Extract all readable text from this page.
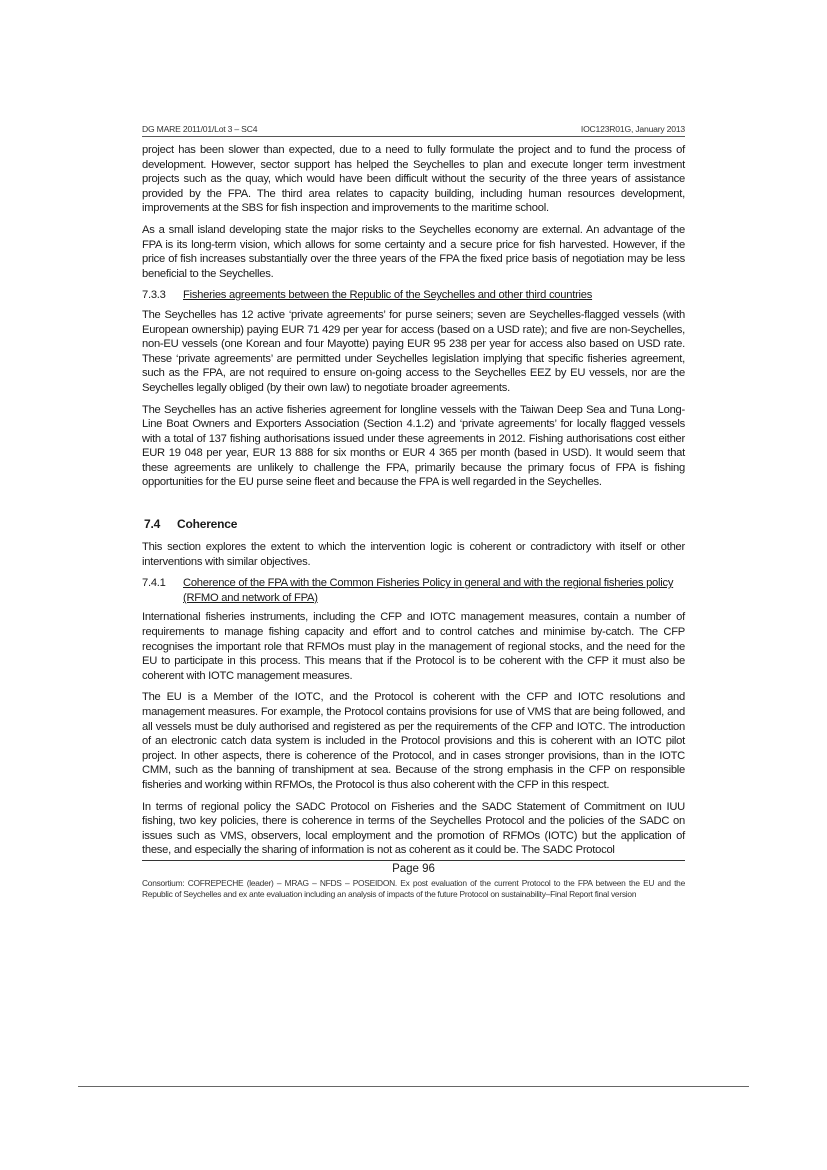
DG MARE 2011/01/Lot 3 – SC4	IOC123R01G, January 2013

project has been slower than expected, due to a need to fully formulate the project and to fund the process of development. However, sector support has helped the Seychelles to plan and execute longer term investment projects such as the quay, which would have been difficult without the security of the three years of assistance provided by the FPA. The third area relates to capacity building, including human resources development, improvements at the SBS for fish inspection and improvements to the maritime school.

As a small island developing state the major risks to the Seychelles economy are external. An advantage of the FPA is its long-term vision, which allows for some certainty and a secure price for fish harvested. However, if the price of fish increases substantially over the three years of the FPA the fixed price basis of negotiation may be less beneficial to the Seychelles.

7.3.3	Fisheries agreements between the Republic of the Seychelles and other third countries

The Seychelles has 12 active ‘private agreements’ for purse seiners; seven are Seychelles-flagged vessels (with European ownership) paying EUR 71 429 per year for access (based on a USD rate); and five are non-Seychelles, non-EU vessels (one Korean and four Mayotte) paying EUR 95 238 per year for access also based on USD rate. These ‘private agreements’ are permitted under Seychelles legislation implying that specific fisheries agreement, such as the FPA, are not required to ensure on-going access to the Seychelles EEZ by EU vessels, nor are the Seychelles legally obliged (by their own law) to negotiate broader agreements.

The Seychelles has an active fisheries agreement for longline vessels with the Taiwan Deep Sea and Tuna Long-Line Boat Owners and Exporters Association (Section 4.1.2) and ‘private agreements’ for locally flagged vessels with a total of 137 fishing authorisations issued under these agreements in 2012. Fishing authorisations cost either EUR 19 048 per year, EUR 13 888 for six months or EUR 4 365 per month (based in USD). It would seem that these agreements are unlikely to challenge the FPA, primarily because the primary focus of FPA is fishing opportunities for the EU purse seine fleet and because the FPA is well regarded in the Seychelles.

7.4	Coherence

This section explores the extent to which the intervention logic is coherent or contradictory with itself or other interventions with similar objectives.

7.4.1	Coherence of the FPA with the Common Fisheries Policy in general and with the regional fisheries policy (RFMO and network of FPA)

International fisheries instruments, including the CFP and IOTC management measures, contain a number of requirements to manage fishing capacity and effort and to control catches and minimise by-catch. The CFP recognises the important role that RFMOs must play in the management of regional stocks, and the need for the EU to participate in this process. This means that if the Protocol is to be coherent with the CFP it must also be coherent with IOTC management measures.

The EU is a Member of the IOTC, and the Protocol is coherent with the CFP and IOTC resolutions and management measures. For example, the Protocol contains provisions for use of VMS that are being followed, and all vessels must be duly authorised and registered as per the requirements of the CFP and IOTC. The introduction of an electronic catch data system is included in the Protocol provisions and this is coherent with an IOTC pilot project. In other aspects, there is coherence of the Protocol, and in cases stronger provisions, than in the IOTC CMM, such as the banning of transhipment at sea. Because of the strong emphasis in the CFP on responsible fisheries and working within RFMOs, the Protocol is thus also coherent with the CFP in this respect.

In terms of regional policy the SADC Protocol on Fisheries and the SADC Statement of Commitment on IUU fishing, two key policies, there is coherence in terms of the Seychelles Protocol and the policies of the SADC on issues such as VMS, observers, local employment and the promotion of RFMOs (IOTC) but the application of these, and especially the sharing of information is not as coherent as it could be. The SADC Protocol

Page 96
Consortium: COFREPECHE (leader) – MRAG – NFDS – POSEIDON. Ex post evaluation of the current Protocol to the FPA between the EU and the Republic of Seychelles and ex ante evaluation including an analysis of impacts of the future Protocol on sustainability–Final Report final version
